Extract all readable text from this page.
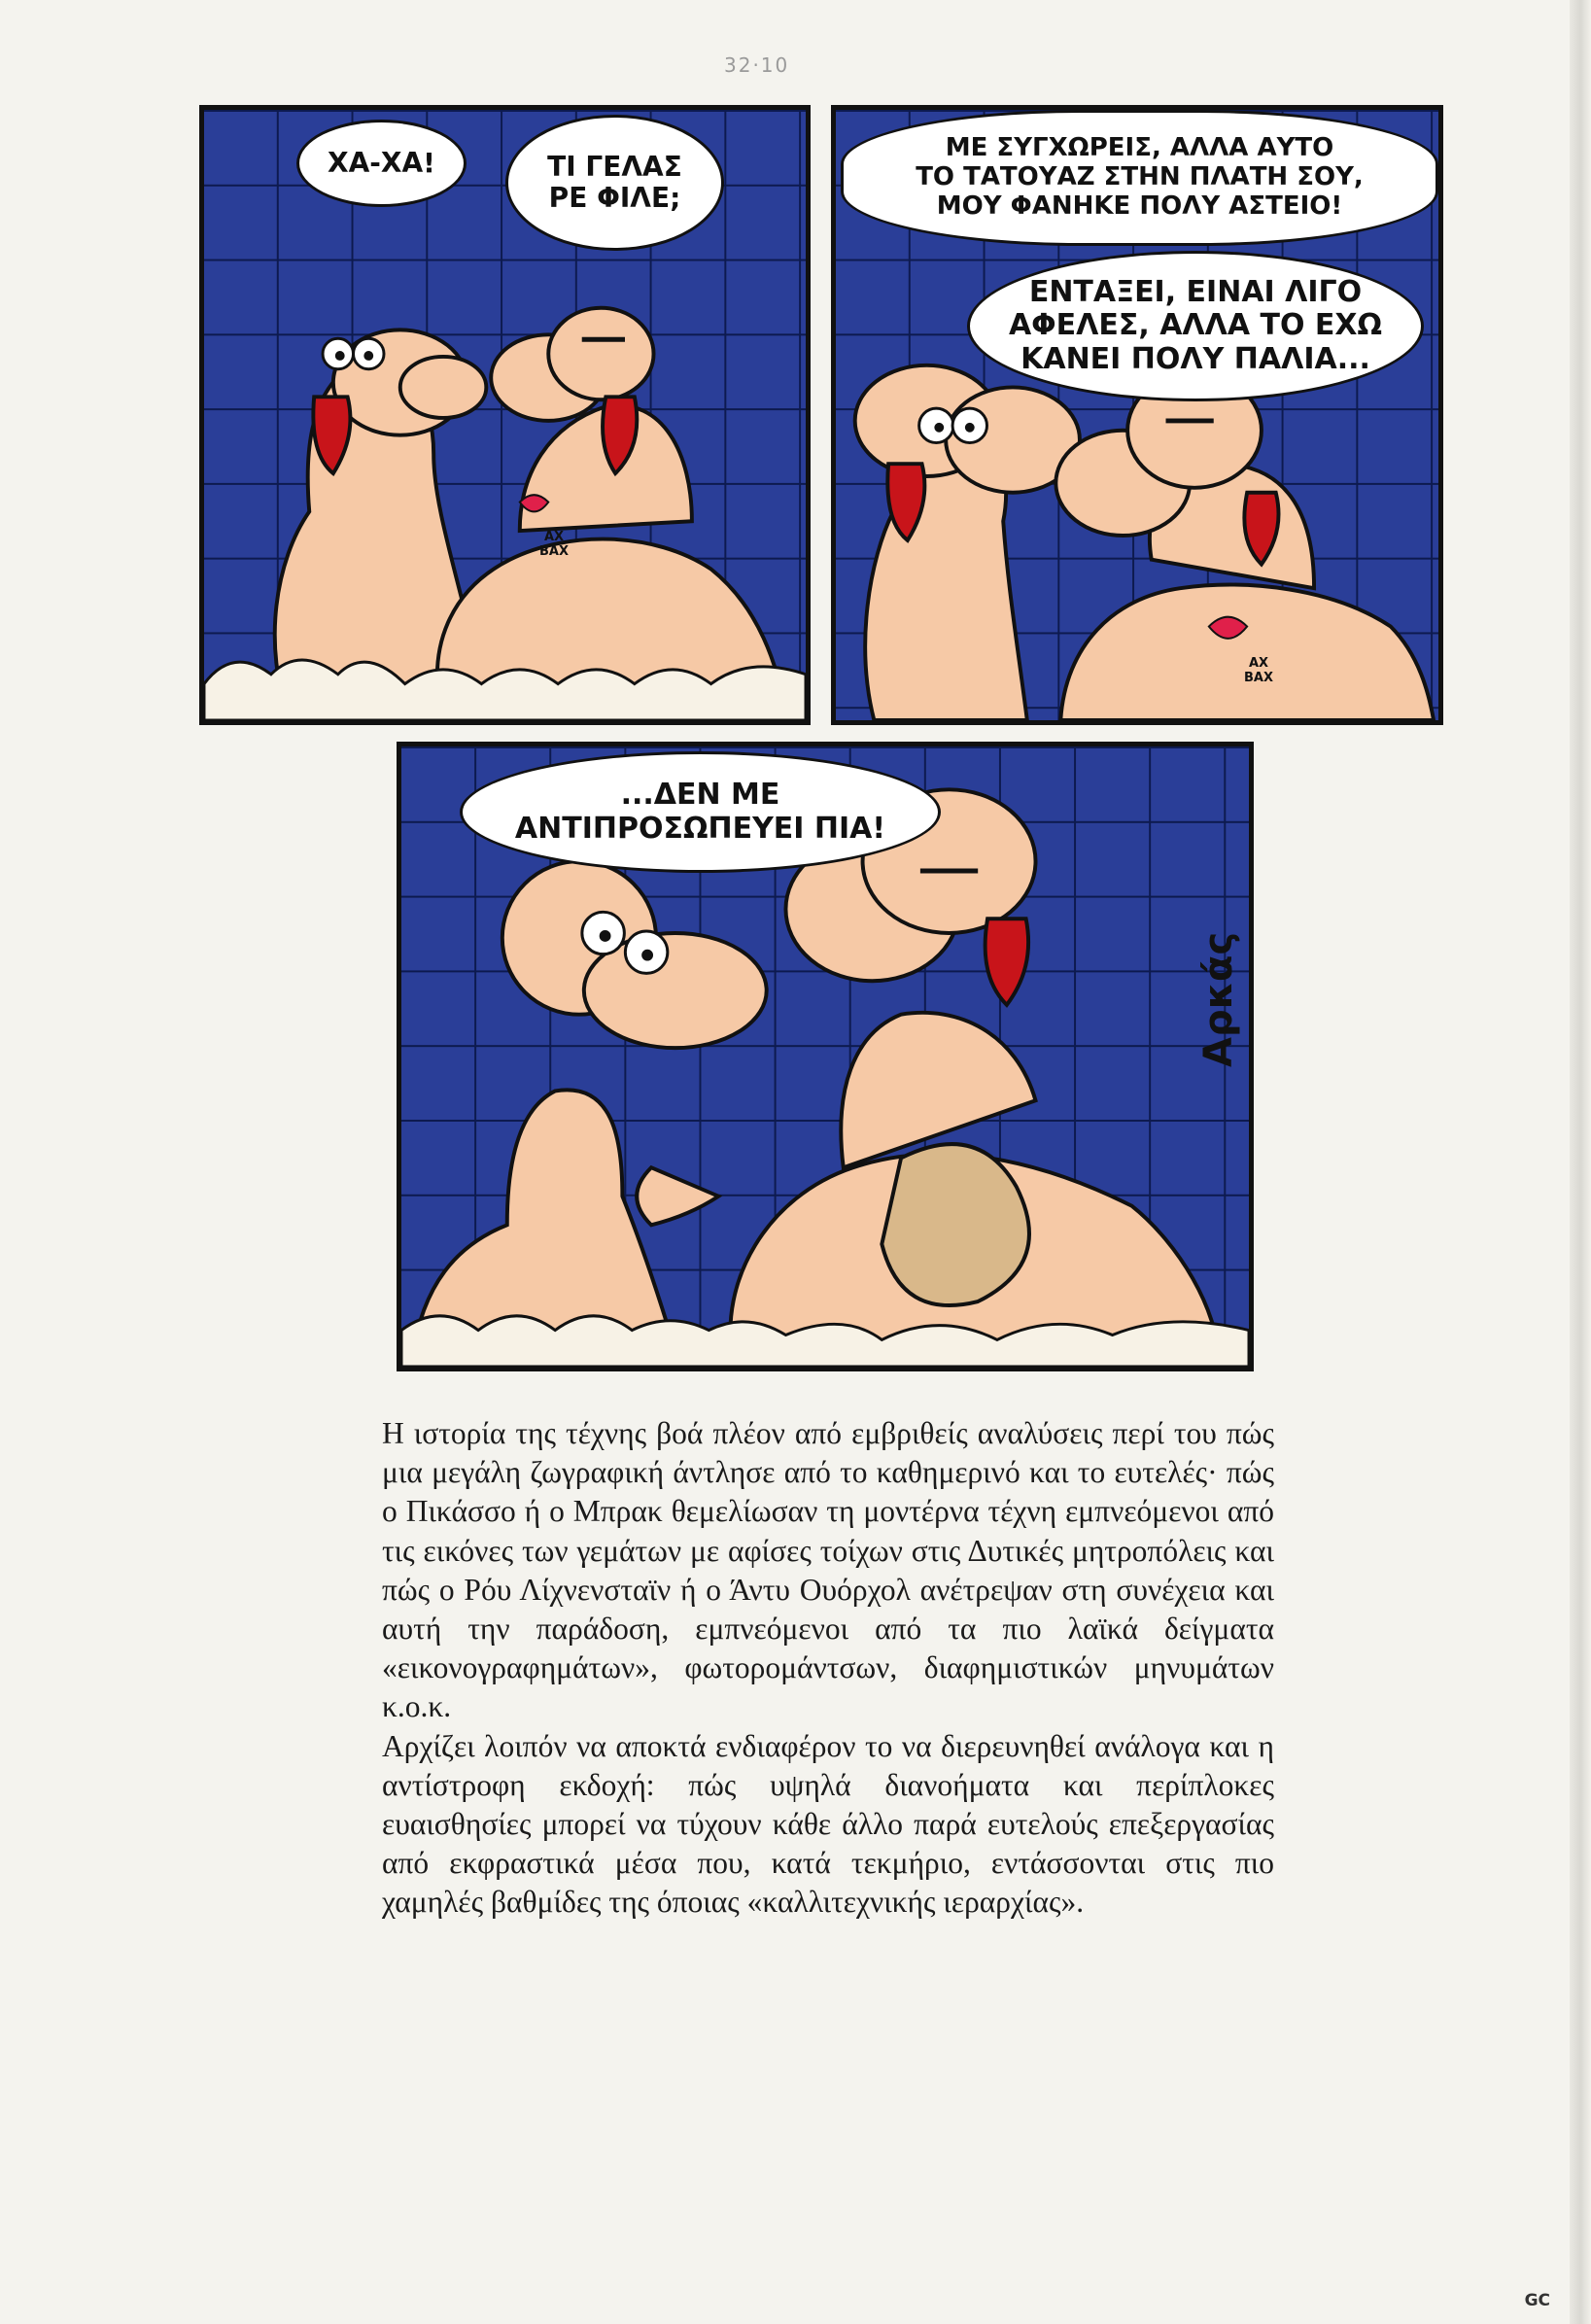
32·10
ΧΑ-ΧΑ!	ΤΙ ΓΕΛΑΣ
ΡΕ ΦΙΛΕ;
ΑΧ
ΒΑΧ
ΜΕ ΣΥΓΧΩΡΕΙΣ, ΑΛΛΑ ΑΥΤΟ
ΤΟ ΤΑΤΟΥΑΖ ΣΤΗΝ ΠΛΑΤΗ ΣΟΥ,
ΜΟΥ ΦΑΝΗΚΕ ΠΟΛΥ ΑΣΤΕΙΟ!
ΕΝΤΑΞΕΙ, ΕΙΝΑΙ ΛΙΓΟ
ΑΦΕΛΕΣ, ΑΛΛΑ ΤΟ ΕΧΩ
ΚΑΝΕΙ ΠΟΛΥ ΠΑΛΙΑ...
ΑΧ
ΒΑΧ
...ΔΕΝ ΜΕ
ΑΝΤΙΠΡΟΣΩΠΕΥΕΙ ΠΙΑ!
Αρκάς

Η ιστορία της τέχνης βοά πλέον από εμβριθείς αναλύσεις περί του πώς μια μεγάλη ζωγραφική άντλησε από το καθημερινό και το ευτελές· πώς ο Πικάσσο ή ο Μπρακ θεμελίωσαν τη μοντέρνα τέχνη εμπνεόμενοι από τις εικόνες των γεμάτων με αφίσες τοίχων στις Δυτικές μητροπόλεις και πώς ο Ρόυ Λίχνενσταϊν ή ο Άντυ Ουόρχολ ανέτρεψαν στη συνέχεια και αυτή την παράδοση, εμπνεόμενοι από τα πιο λαϊκά δείγματα «εικονογραφημάτων», φωτορομάντσων, διαφημιστικών μηνυμάτων κ.ο.κ.

Αρχίζει λοιπόν να αποκτά ενδιαφέρον το να διερευνηθεί ανάλογα και η αντίστροφη εκδοχή: πώς υψηλά διανοήματα και περίπλοκες ευαισθησίες μπορεί να τύχουν κάθε άλλο παρά ευτελούς επεξεργασίας από εκφραστικά μέσα που, κατά τεκμήριο, εντάσσονται στις πιο χαμηλές βαθμίδες της όποιας «καλλιτεχνικής ιεραρχίας».

GC
